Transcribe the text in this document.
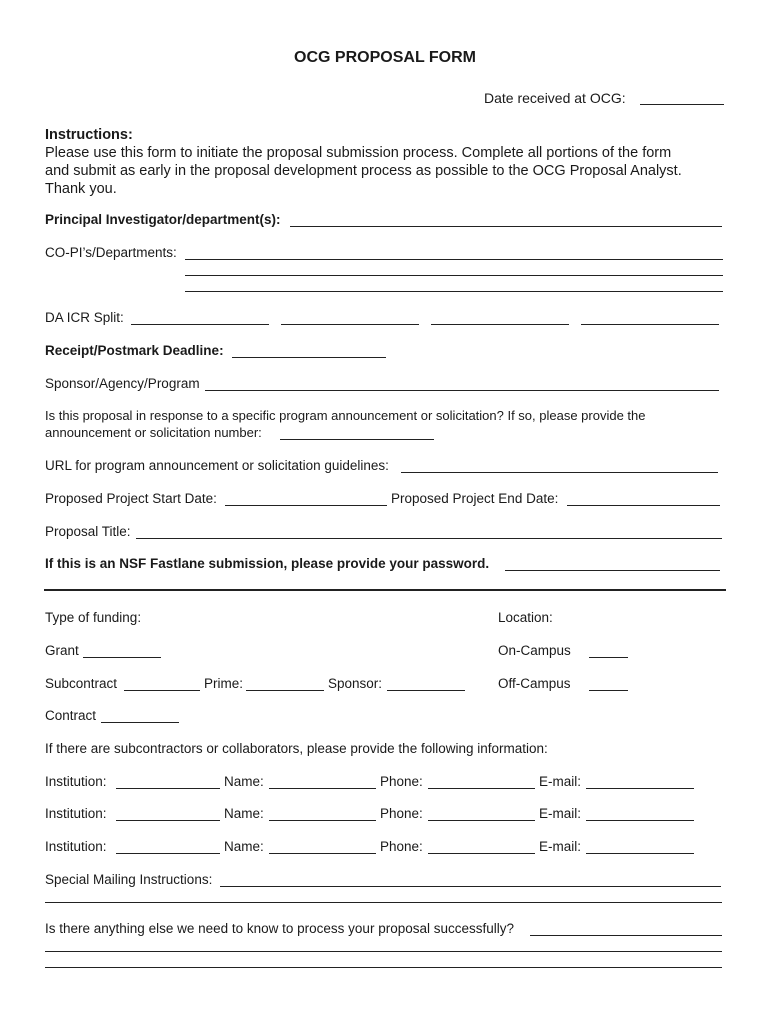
OCG PROPOSAL FORM
Date received at OCG:
Instructions:
Please use this form to initiate the proposal submission process. Complete all portions of the form
and submit as early in the proposal development process as possible to the OCG Proposal Analyst.
Thank you.
Principal Investigator/department(s):
CO-PI’s/Departments:
DA ICR Split:
Receipt/Postmark Deadline:
Sponsor/Agency/Program
Is this proposal in response to a specific program announcement or solicitation? If so, please provide the
announcement or solicitation number:
URL for program announcement or solicitation guidelines:
Proposed Project Start Date:	Proposed Project End Date:
Proposal Title:
If this is an NSF Fastlane submission, please provide your password.
Type of funding:	Location:
Grant	On-Campus
Subcontract	Prime:	Sponsor:	Off-Campus
Contract
If there are subcontractors or collaborators, please provide the following information:
Institution:	Name:	Phone:	E-mail:
Institution:	Name:	Phone:	E-mail:
Institution:	Name:	Phone:	E-mail:
Special Mailing Instructions:
Is there anything else we need to know to process your proposal successfully?
